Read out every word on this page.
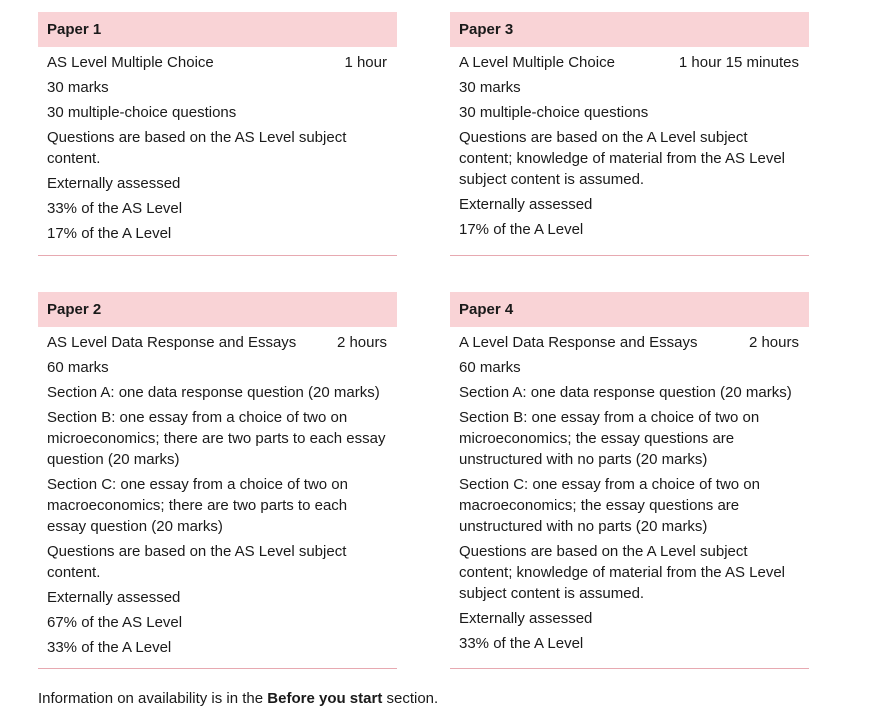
Paper 1
AS Level Multiple Choice	1 hour
30 marks
30 multiple-choice questions
Questions are based on the AS Level subject content.
Externally assessed
33% of the AS Level
17% of the A Level
Paper 3
A Level Multiple Choice	1 hour 15 minutes
30 marks
30 multiple-choice questions
Questions are based on the A Level subject content; knowledge of material from the AS Level subject content is assumed.
Externally assessed
17% of the A Level
Paper 2
AS Level Data Response and Essays	2 hours
60 marks
Section A: one data response question (20 marks)
Section B: one essay from a choice of two on microeconomics; there are two parts to each essay question (20 marks)
Section C: one essay from a choice of two on macroeconomics; there are two parts to each essay question (20 marks)
Questions are based on the AS Level subject content.
Externally assessed
67% of the AS Level
33% of the A Level
Paper 4
A Level Data Response and Essays	2 hours
60 marks
Section A: one data response question (20 marks)
Section B: one essay from a choice of two on microeconomics; the essay questions are unstructured with no parts (20 marks)
Section C: one essay from a choice of two on macroeconomics; the essay questions are unstructured with no parts (20 marks)
Questions are based on the A Level subject content; knowledge of material from the AS Level subject content is assumed.
Externally assessed
33% of the A Level
Information on availability is in the Before you start section.
